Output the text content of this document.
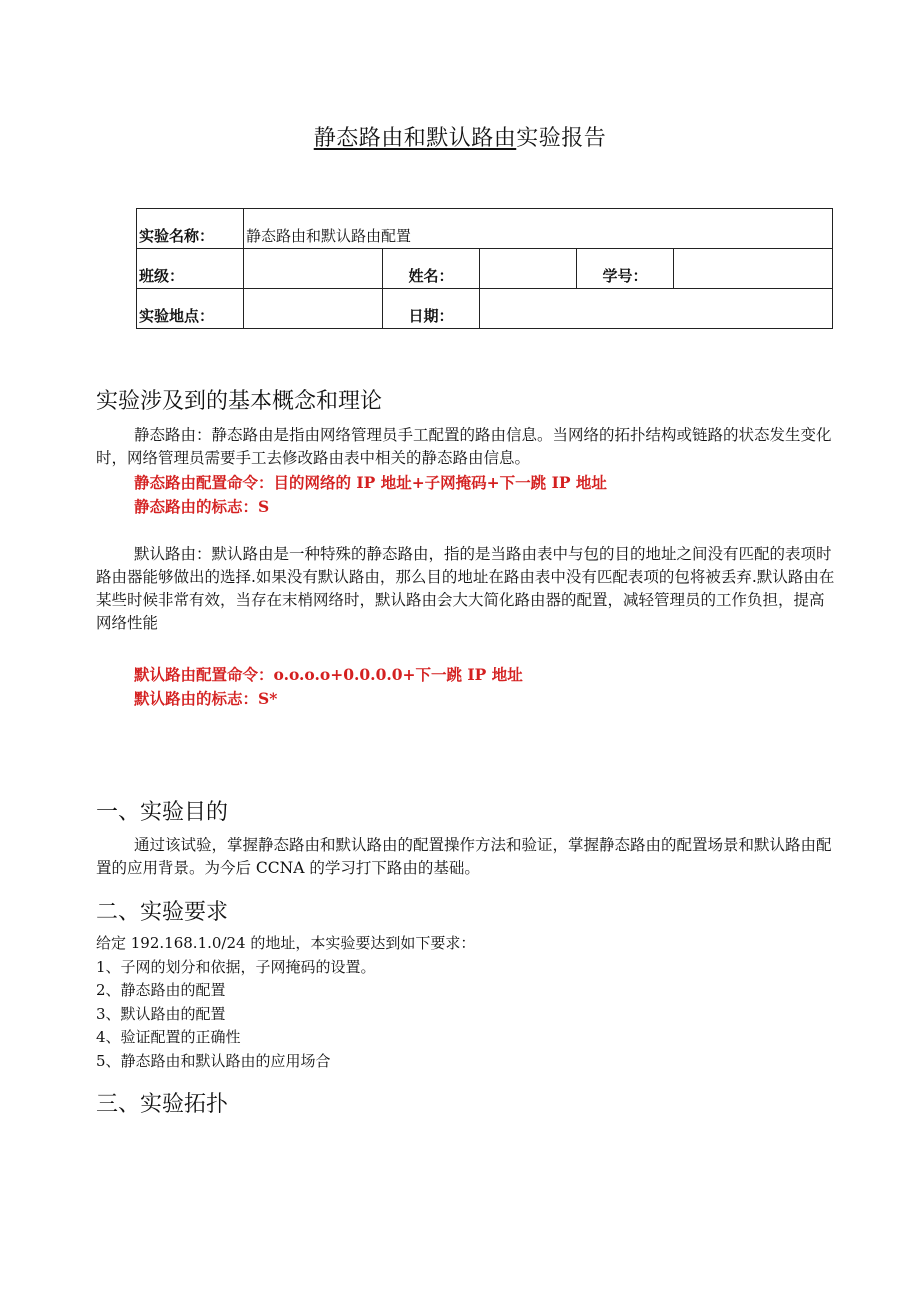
静态路由和默认路由实验报告
实验名称：	静态路由和默认路由配置				
班级：		姓名：		学号：	
实验地点：		日期：			
实验涉及到的基本概念和理论
静态路由：静态路由是指由网络管理员手工配置的路由信息。当网络的拓扑结构或链路的状态发生变化时，网络管理员需要手工去修改路由表中相关的静态路由信息。
静态路由配置命令：目的网络的 IP 地址+子网掩码+下一跳 IP 地址
静态路由的标志：S
默认路由：默认路由是一种特殊的静态路由，指的是当路由表中与包的目的地址之间没有匹配的表项时路由器能够做出的选择.如果没有默认路由，那么目的地址在路由表中没有匹配表项的包将被丢弃.默认路由在某些时候非常有效，当存在末梢网络时，默认路由会大大简化路由器的配置，减轻管理员的工作负担，提高网络性能
默认路由配置命令：o.o.o.o+0.0.0.0+下一跳 IP 地址
默认路由的标志：S*
一、实验目的
通过该试验，掌握静态路由和默认路由的配置操作方法和验证，掌握静态路由的配置场景和默认路由配置的应用背景。为今后 CCNA 的学习打下路由的基础。
二、实验要求
给定 192.168.1.0/24 的地址，本实验要达到如下要求：
1、子网的划分和依据，子网掩码的设置。
2、静态路由的配置
3、默认路由的配置
4、验证配置的正确性
5、静态路由和默认路由的应用场合
三、实验拓扑
